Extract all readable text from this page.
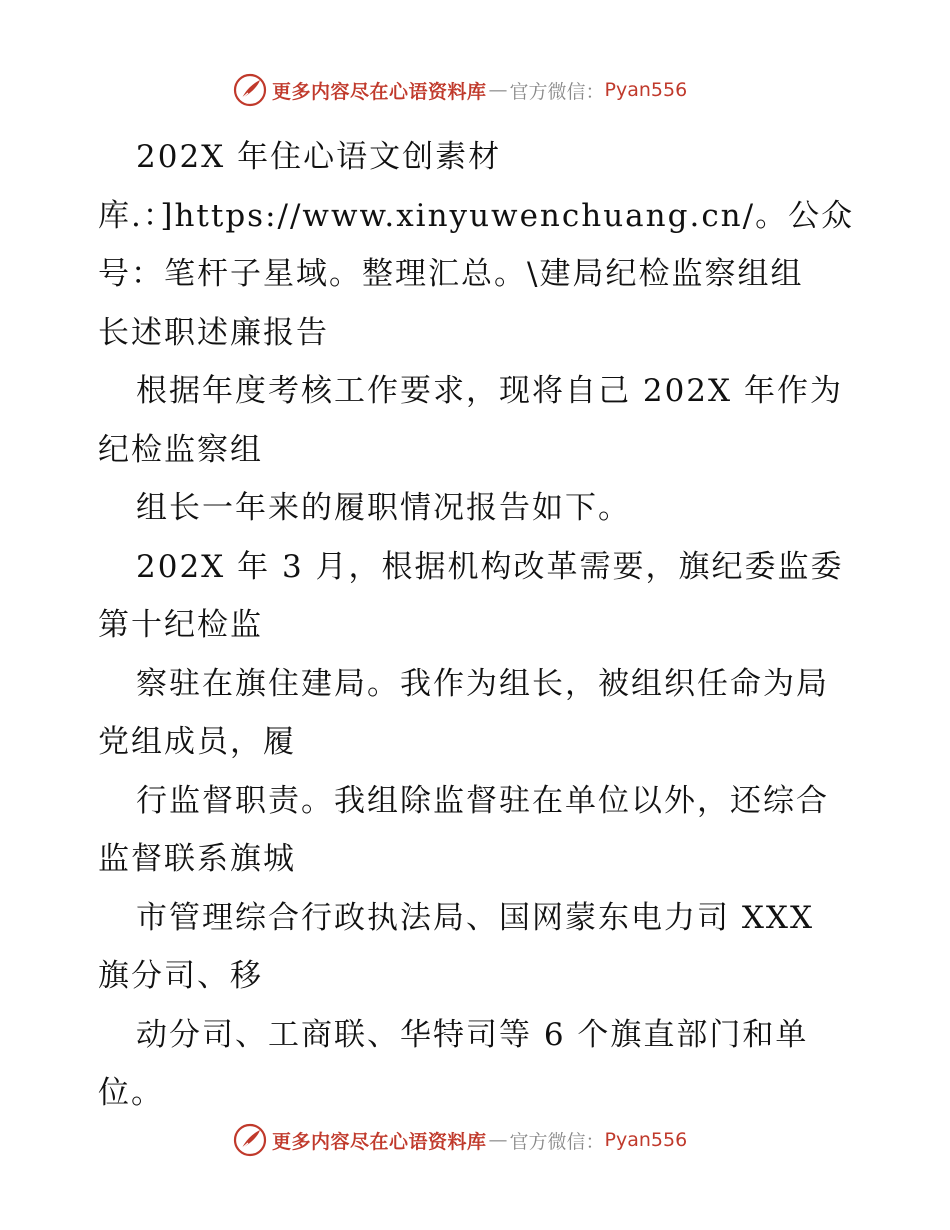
更多内容尽在心语资料库 — 官方微信： Pyan556
202X 年住心语文创素材
库.：]https://www.xinyuwenchuang.cn/。公众
号：笔杆子星域。整理汇总。\建局纪检监察组组
长述职述廉报告
根据年度考核工作要求，现将自己 202X 年作为
纪检监察组
组长一年来的履职情况报告如下。
202X 年 3 月，根据机构改革需要，旗纪委监委
第十纪检监
察驻在旗住建局。我作为组长，被组织任命为局
党组成员，履
行监督职责。我组除监督驻在单位以外，还综合
监督联系旗城
市管理综合行政执法局、国网蒙东电力司 XXX
旗分司、移
动分司、工商联、华特司等 6 个旗直部门和单
位。
更多内容尽在心语资料库 — 官方微信： Pyan556
